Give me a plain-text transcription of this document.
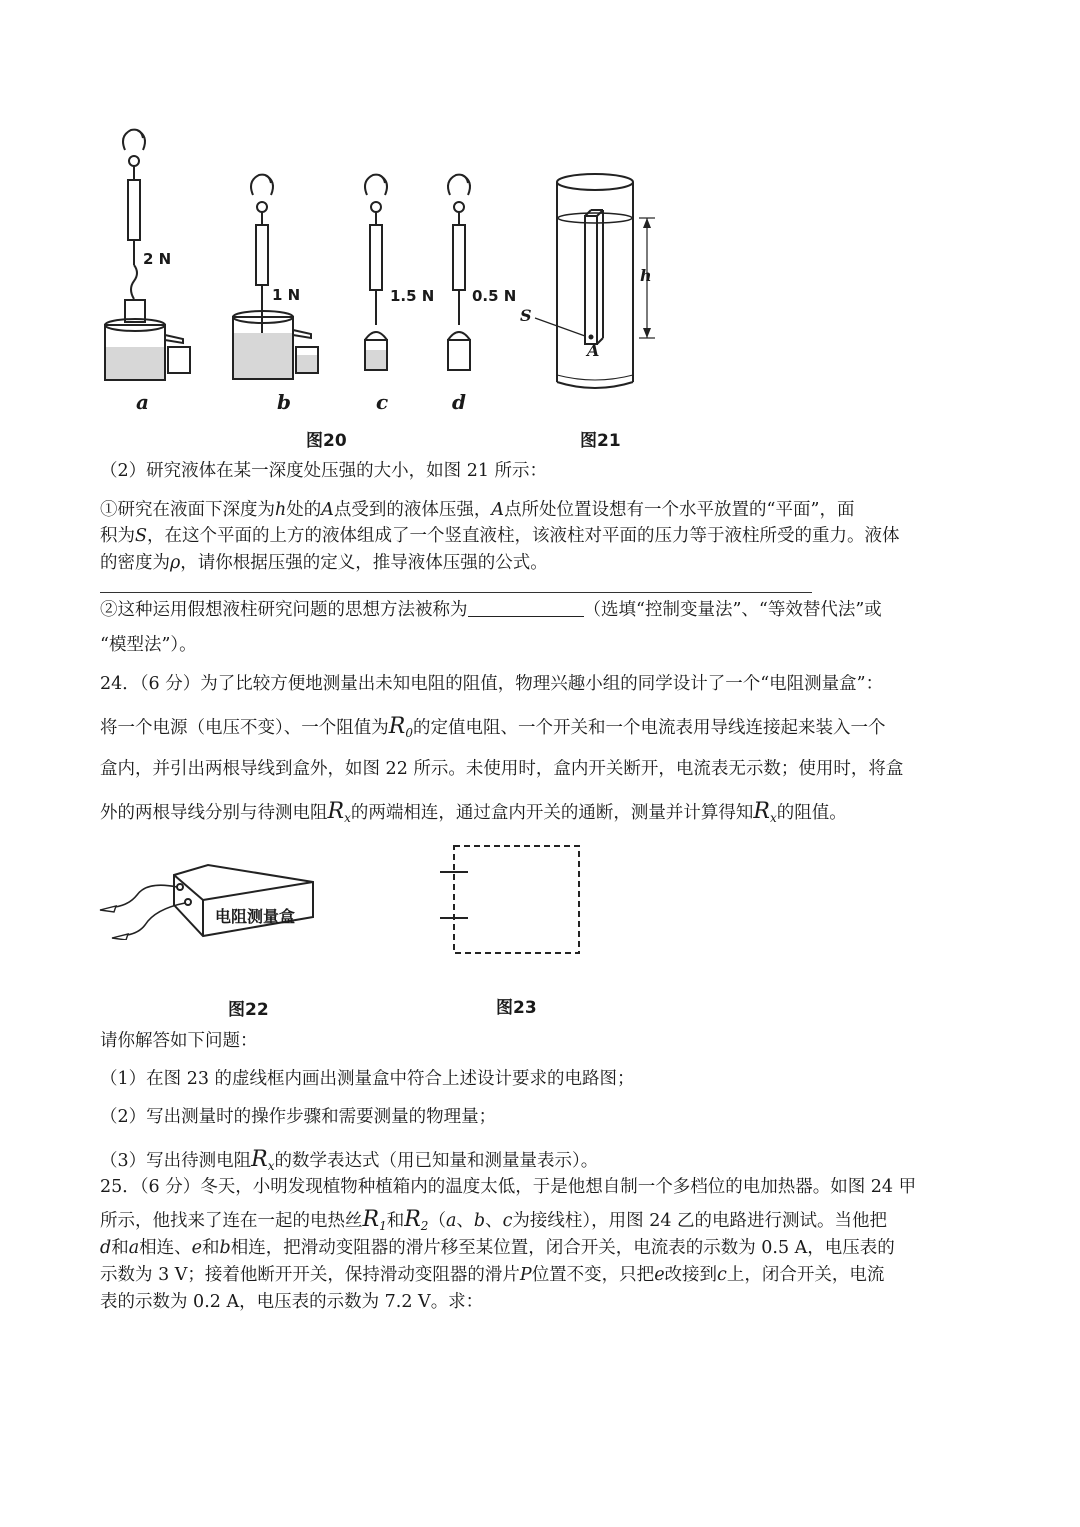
2 N
1 N	1.5 N	0.5 N
a	b	c	d
图20
h
S
A
图21
（2）研究液体在某一深度处压强的大小，如图 21 所示：
①研究在液面下深度为h处的A点受到的液体压强，A点所处位置设想有一个水平放置的“平面”，面
积为S，在这个平面的上方的液体组成了一个竖直液柱，该液柱对平面的压力等于液柱所受的重力。液体
的密度为ρ，请你根据压强的定义，推导液体压强的公式。
②这种运用假想液柱研究问题的思想方法被称为	（选填“控制变量法”、“等效替代法”或
“模型法”）。
24．（6 分）为了比较方便地测量出未知电阻的阻值，物理兴趣小组的同学设计了一个“电阻测量盒”：
将一个电源（电压不变）、一个阻值为$R_0$的定值电阻、一个开关和一个电流表用导线连接起来装入一个
盒内，并引出两根导线到盒外，如图 22 所示。未使用时，盒内开关断开，电流表无示数；使用时，将盒
外的两根导线分别与待测电阻$R_x$的两端相连，通过盒内开关的通断，测量并计算得知$R_x$的阻值。
电阻测量盒
图22	图23
请你解答如下问题：
（1）在图 23 的虚线框内画出测量盒中符合上述设计要求的电路图；
（2）写出测量时的操作步骤和需要测量的物理量；
（3）写出待测电阻$R_x$的数学表达式（用已知量和测量量表示）。
25．（6 分）冬天，小明发现植物种植箱内的温度太低，于是他想自制一个多档位的电加热器。如图 24 甲
所示，他找来了连在一起的电热丝$R_1$和$R_2(a$、b、c为接线柱），用图 24 乙的电路进行测试。当他把
d和a相连、e和b相连，把滑动变阻器的滑片移至某位置，闭合开关，电流表的示数为 0.5 A，电压表的
示数为 3 V；接着他断开开关，保持滑动变阻器的滑片P位置不变，只把e改接到c上，闭合开关，电流
表的示数为 0.2 A，电压表的示数为 7.2 V。求：
